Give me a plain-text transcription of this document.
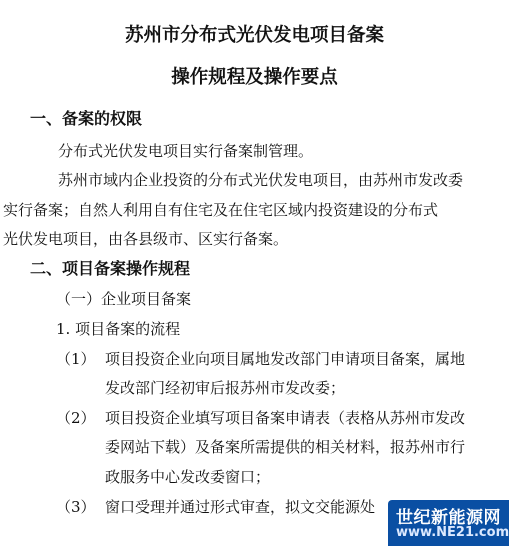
苏州市分布式光伏发电项目备案
操作规程及操作要点
一、备案的权限
分布式光伏发电项目实行备案制管理。
苏州市域内企业投资的分布式光伏发电项目，由苏州市发改委
实行备案；自然人利用自有住宅及在住宅区域内投资建设的分布式
光伏发电项目，由各县级市、区实行备案。
二、项目备案操作规程
（一）企业项目备案
1. 项目备案的流程
（1） 项目投资企业向项目属地发改部门申请项目备案，属地
发改部门经初审后报苏州市发改委；
（2） 项目投资企业填写项目备案申请表（表格从苏州市发改
委网站下载）及备案所需提供的相关材料，报苏州市行
政服务中心发改委窗口；
（3） 窗口受理并通过形式审查，拟文交能源处
世纪新能源网
www.NE21.com
